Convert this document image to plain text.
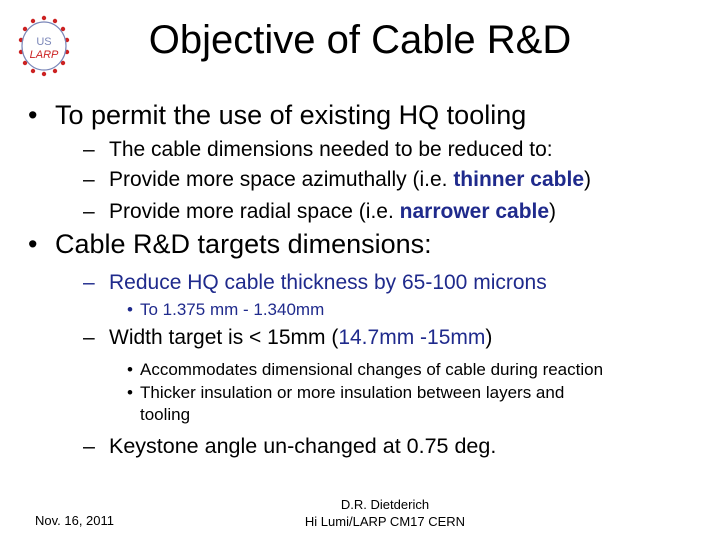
US
LARP	Objective of Cable R&D
• To permit the use of existing HQ tooling
– The cable dimensions needed to be reduced to:
– Provide more space azimuthally (i.e. thinner cable)
– Provide more radial space (i.e. narrower cable)
• Cable R&D targets dimensions:
– Reduce HQ cable thickness by 65-100 microns
• To 1.375 mm - 1.340mm
– Width target is < 15mm (14.7mm -15mm)
• Accommodates dimensional changes of cable during reaction
• Thicker insulation or more insulation between layers and
tooling
– Keystone angle un-changed at 0.75 deg.
Nov. 16, 2011
D.R. Dietderich
Hi Lumi/LARP CM17 CERN
